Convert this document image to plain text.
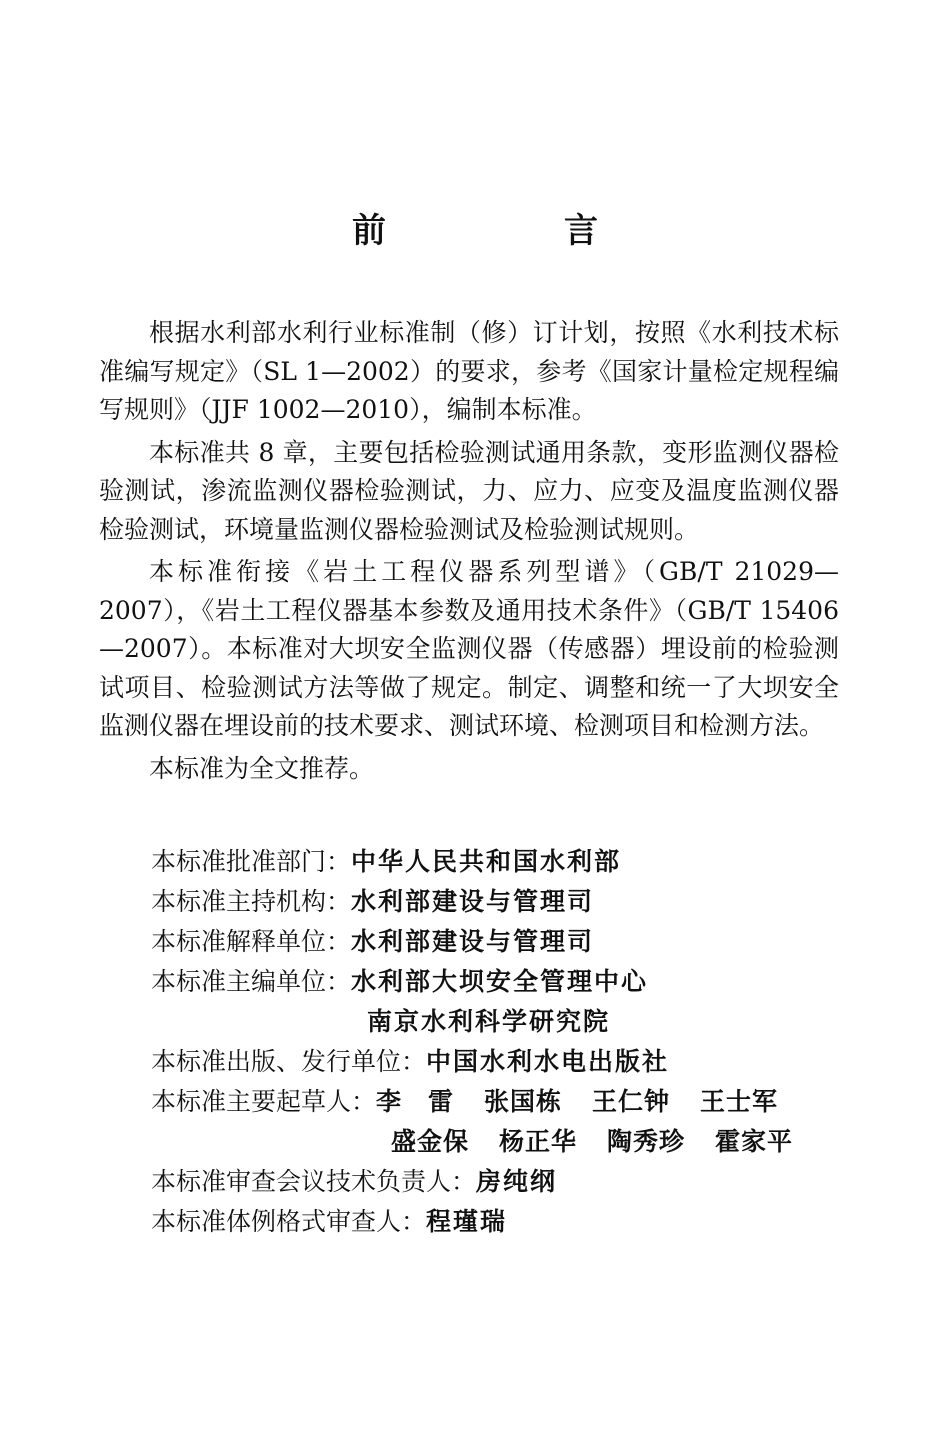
前　言

根据水利部水利行业标准制（修）订计划，按照《水利技术标准编写规定》（SL 1—2002）的要求，参考《国家计量检定规程编写规则》（JJF 1002—2010），编制本标准。

本标准共 8 章，主要包括检验测试通用条款，变形监测仪器检验测试，渗流监测仪器检验测试，力、应力、应变及温度监测仪器检验测试，环境量监测仪器检验测试及检验测试规则。

本标准衔接《岩土工程仪器系列型谱》（GB/T 21029—2007），《岩土工程仪器基本参数及通用技术条件》（GB/T 15406—2007）。本标准对大坝安全监测仪器（传感器）埋设前的检验测试项目、检验测试方法等做了规定。制定、调整和统一了大坝安全监测仪器在埋设前的技术要求、测试环境、检测项目和检测方法。

本标准为全文推荐。

本标准批准部门： 中华人民共和国水利部
本标准主持机构： 水利部建设与管理司
本标准解释单位： 水利部建设与管理司
本标准主编单位： 水利部大坝安全管理中心
南京水利科学研究院
本标准出版、发行单位： 中国水利水电出版社
本标准主要起草人： 李　雷	张国栋	王仁钟	王士军
盛金保	杨正华	陶秀珍	霍家平
本标准审查会议技术负责人： 房纯纲
本标准体例格式审查人： 程瑾瑞
